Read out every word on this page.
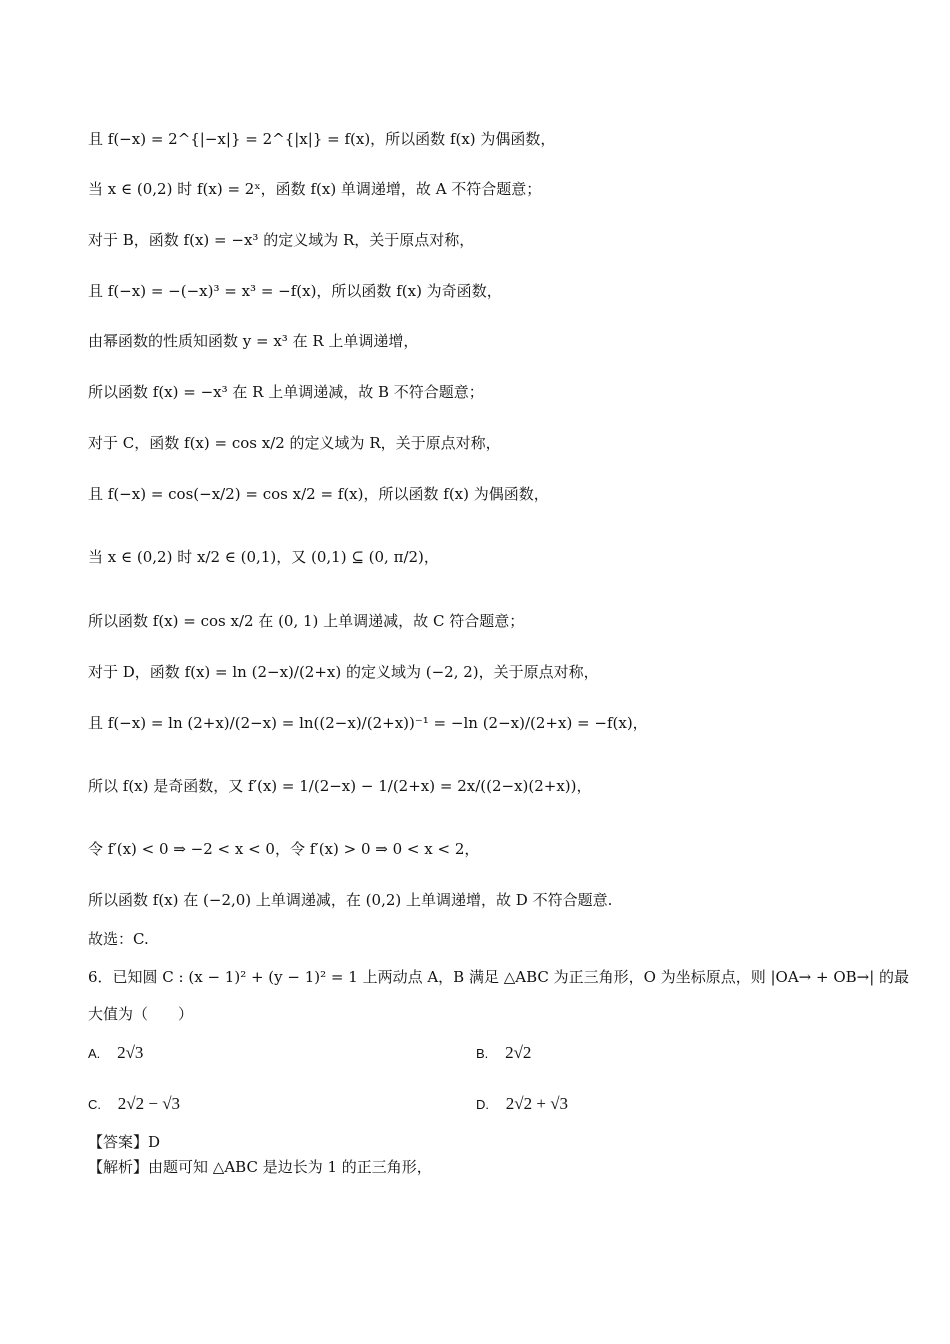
且 f(−x) = 2^{|−x|} = 2^{|x|} = f(x)，所以函数 f(x) 为偶函数，
当 x ∈ (0,2) 时 f(x) = 2ˣ，函数 f(x) 单调递增，故 A 不符合题意；
对于 B，函数 f(x) = −x³ 的定义域为 R，关于原点对称，
且 f(−x) = −(−x)³ = x³ = −f(x)，所以函数 f(x) 为奇函数，
由幂函数的性质知函数 y = x³ 在 R 上单调递增，
所以函数 f(x) = −x³ 在 R 上单调递减，故 B 不符合题意；
对于 C，函数 f(x) = cos x/2 的定义域为 R，关于原点对称，
且 f(−x) = cos(−x/2) = cos x/2 = f(x)，所以函数 f(x) 为偶函数，
当 x ∈ (0,2) 时 x/2 ∈ (0,1)，又 (0,1) ⊆ (0, π/2)，
所以函数 f(x) = cos x/2 在 (0, 1) 上单调递减，故 C 符合题意；
对于 D，函数 f(x) = ln (2−x)/(2+x) 的定义域为 (−2, 2)，关于原点对称，
且 f(−x) = ln (2+x)/(2−x) = ln((2−x)/(2+x))⁻¹ = −ln (2−x)/(2+x) = −f(x)，
所以 f(x) 是奇函数，又 f′(x) = 1/(2−x) − 1/(2+x) = 2x/((2−x)(2+x))，
令 f′(x) < 0 ⇒ −2 < x < 0，令 f′(x) > 0 ⇒ 0 < x < 2，
所以函数 f(x) 在 (−2,0) 上单调递减，在 (0,2) 上单调递增，故 D 不符合题意.
故选：C.
6．已知圆 C : (x − 1)² + (y − 1)² = 1 上两动点 A，B 满足 △ABC 为正三角形，O 为坐标原点，则 |OA→ + OB→| 的最
大值为（　　）
A. 2√3	B. 2√2
C. 2√2 − √3	D. 2√2 + √3
【答案】D
【解析】由题可知 △ABC 是边长为 1 的正三角形，
